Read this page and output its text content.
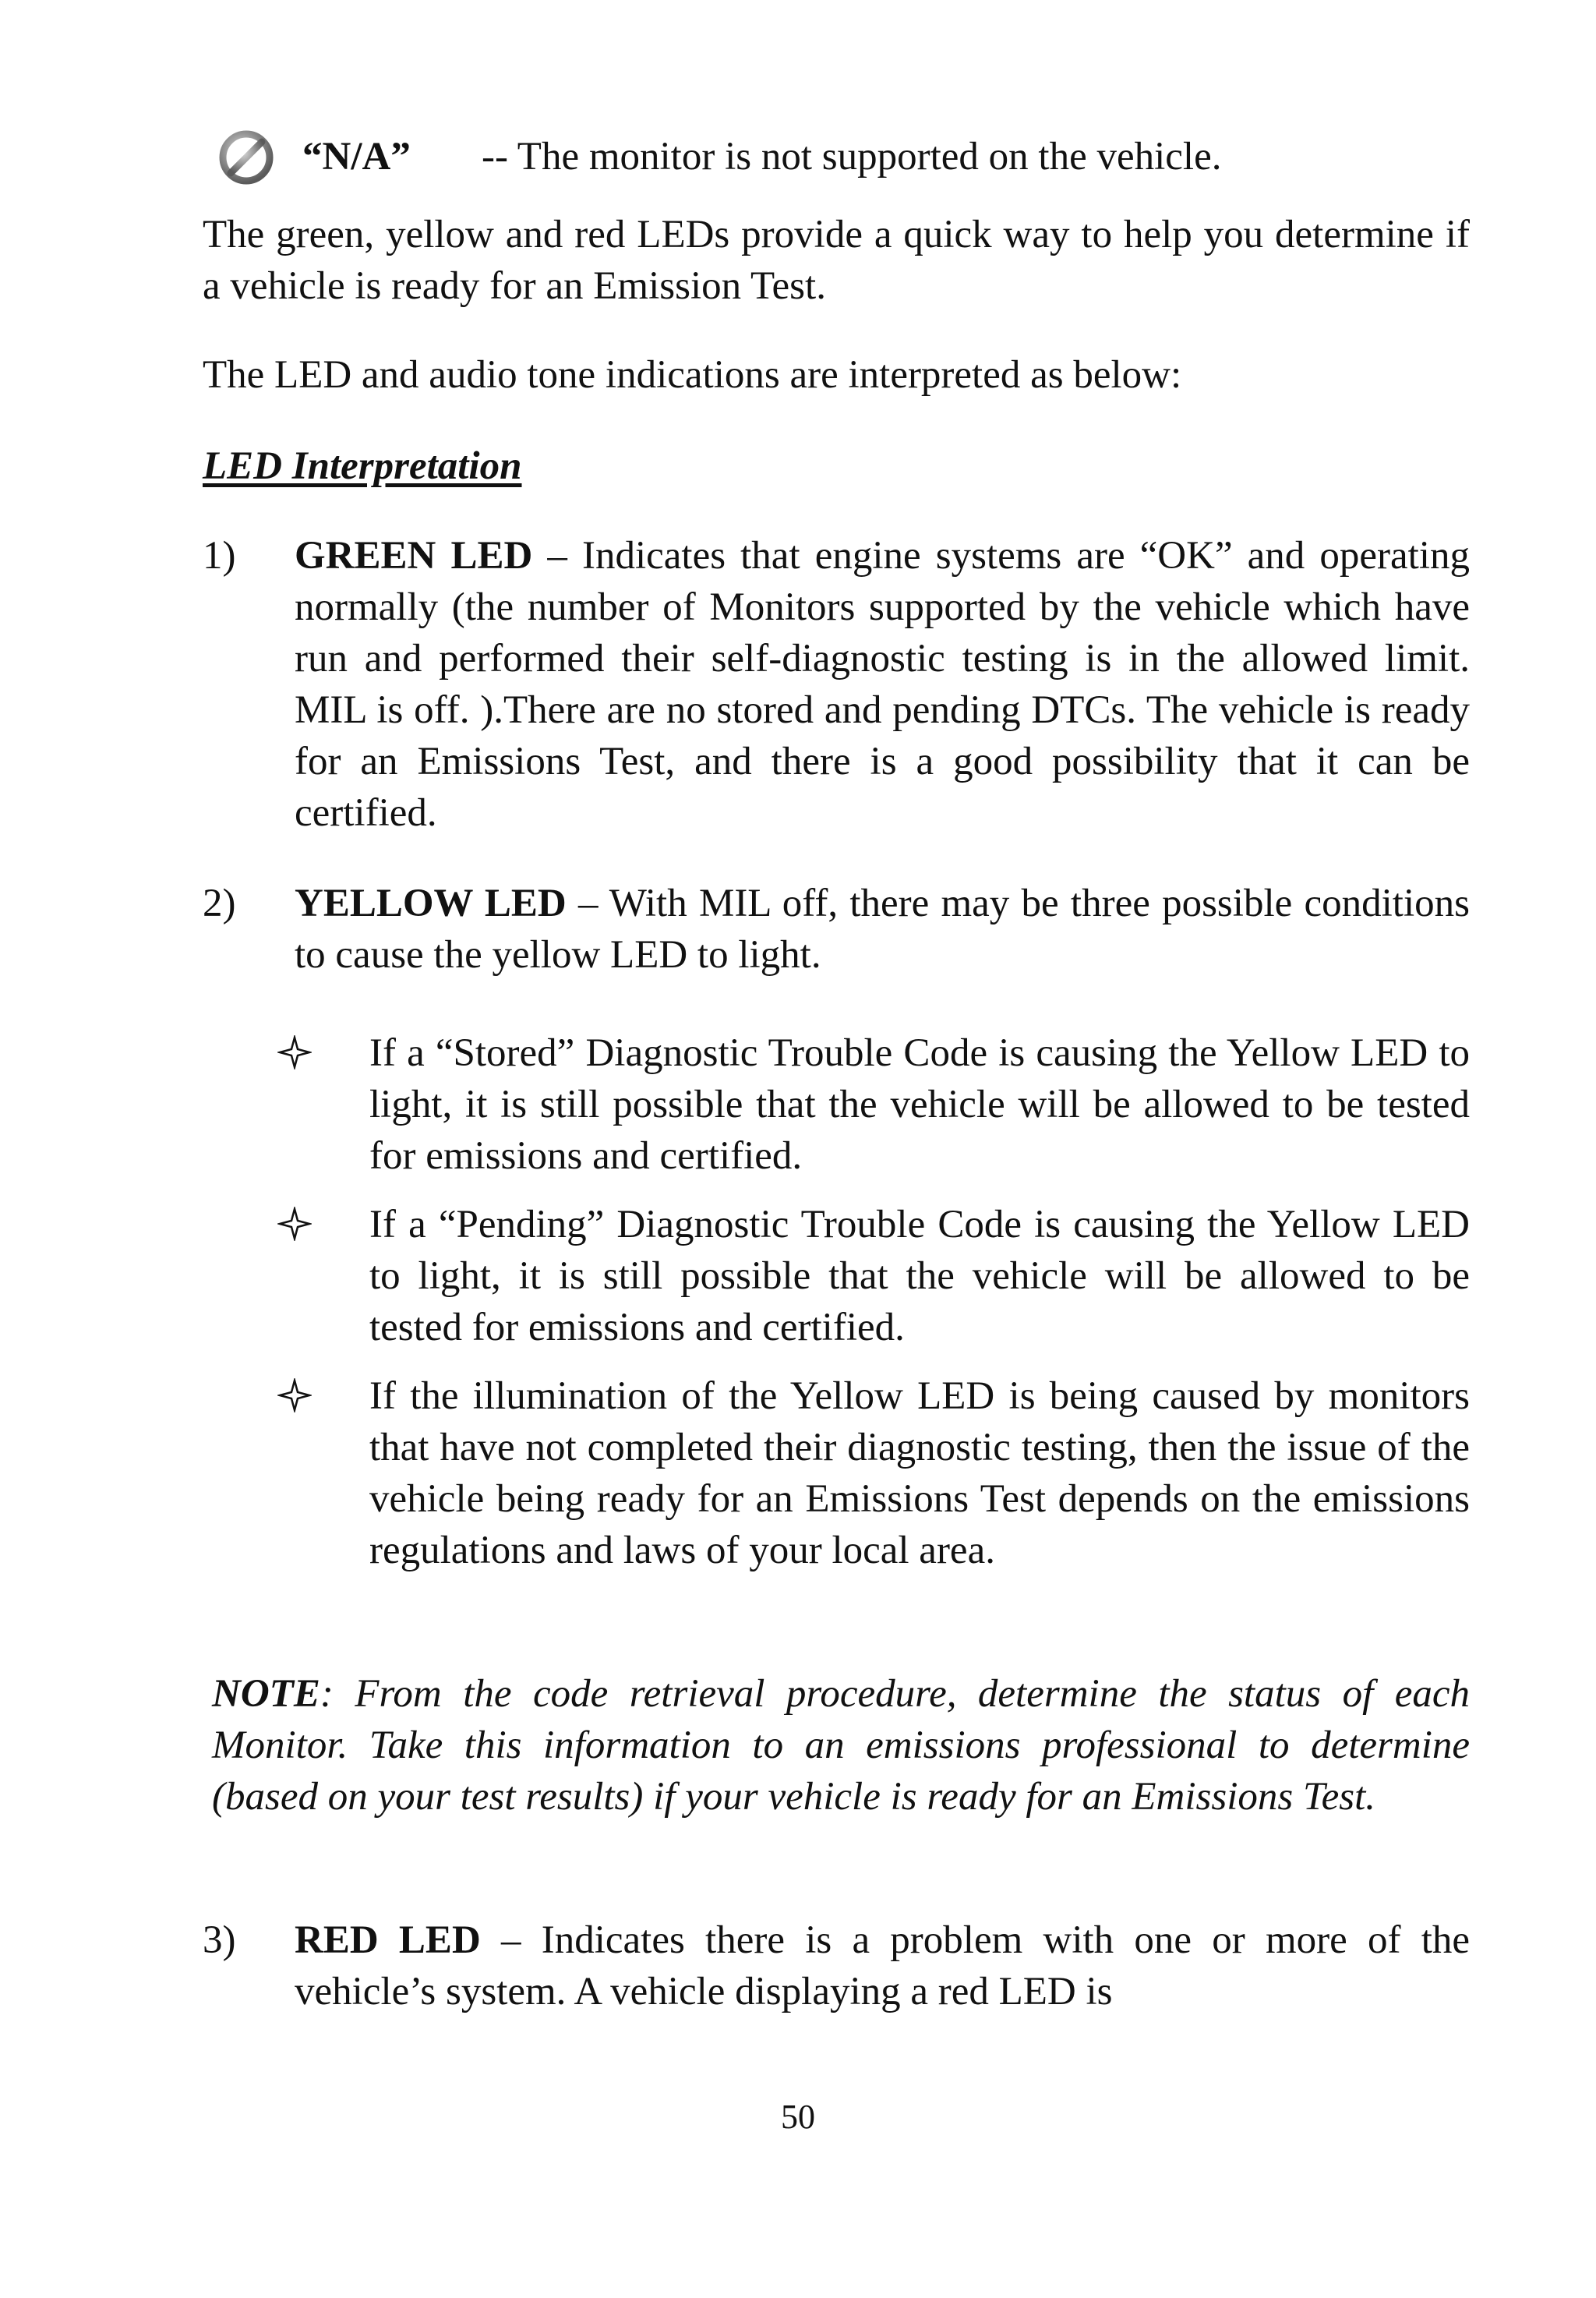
“N/A” -- The monitor is not supported on the vehicle.
The green, yellow and red LEDs provide a quick way to help you determine if a vehicle is ready for an Emission Test.
The LED and audio tone indications are interpreted as below:
LED Interpretation
1) GREEN LED – Indicates that engine systems are “OK” and operating normally (the number of Monitors supported by the vehicle which have run and performed their self-diagnostic testing is in the allowed limit. MIL is off. ).There are no stored and pending DTCs. The vehicle is ready for an Emissions Test, and there is a good possibility that it can be certified.
2) YELLOW LED – With MIL off, there may be three possible conditions to cause the yellow LED to light.
If a “Stored” Diagnostic Trouble Code is causing the Yellow LED to light, it is still possible that the vehicle will be allowed to be tested for emissions and certified.
If a “Pending” Diagnostic Trouble Code is causing the Yellow LED to light, it is still possible that the vehicle will be allowed to be tested for emissions and certified.
If the illumination of the Yellow LED is being caused by monitors that have not completed their diagnostic testing, then the issue of the vehicle being ready for an Emissions Test depends on the emissions regulations and laws of your local area.
NOTE: From the code retrieval procedure, determine the status of each Monitor. Take this information to an emissions professional to determine (based on your test results) if your vehicle is ready for an Emissions Test.
3) RED LED – Indicates there is a problem with one or more of the vehicle’s system. A vehicle displaying a red LED is
50
